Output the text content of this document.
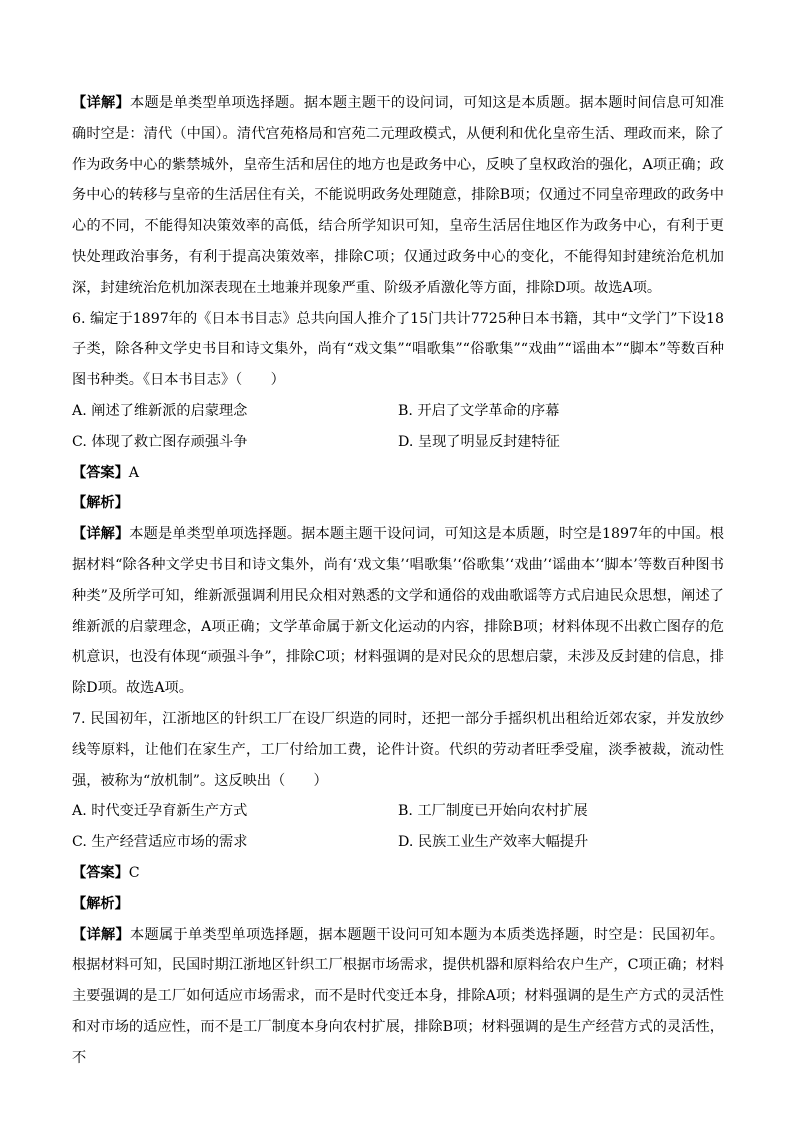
【详解】本题是单类型单项选择题。据本题主题干的设问词，可知这是本质题。据本题时间信息可知准确时空是：清代（中国）。清代宫苑格局和宫苑二元理政模式，从便利和优化皇帝生活、理政而来，除了作为政务中心的紫禁城外，皇帝生活和居住的地方也是政务中心，反映了皇权政治的强化，A项正确；政务中心的转移与皇帝的生活居住有关，不能说明政务处理随意，排除B项；仅通过不同皇帝理政的政务中心的不同，不能得知决策效率的高低，结合所学知识可知，皇帝生活居住地区作为政务中心，有利于更快处理政治事务，有利于提高决策效率，排除C项；仅通过政务中心的变化，不能得知封建统治危机加深，封建统治危机加深表现在土地兼并现象严重、阶级矛盾激化等方面，排除D项。故选A项。

6. 编定于1897年的《日本书目志》总共向国人推介了15门共计7725种日本书籍，其中“文学门”下设18子类，除各种文学史书目和诗文集外，尚有“戏文集”“唱歌集”“俗歌集”“戏曲”“谣曲本”“脚本”等数百种图书种类。《日本书目志》（　　）

A. 阐述了维新派的启蒙理念	B. 开启了文学革命的序幕
C. 体现了救亡图存顽强斗争	D. 呈现了明显反封建特征

【答案】A

【解析】

【详解】本题是单类型单项选择题。据本题主题干设问词，可知这是本质题，时空是1897年的中国。根据材料“除各种文学史书目和诗文集外，尚有‘戏文集’‘唱歌集’‘俗歌集’‘戏曲’‘谣曲本’‘脚本’等数百种图书种类”及所学可知，维新派强调利用民众相对熟悉的文学和通俗的戏曲歌谣等方式启迪民众思想，阐述了维新派的启蒙理念，A项正确；文学革命属于新文化运动的内容，排除B项；材料体现不出救亡图存的危机意识，也没有体现“顽强斗争”，排除C项；材料强调的是对民众的思想启蒙，未涉及反封建的信息，排除D项。故选A项。

7. 民国初年，江浙地区的针织工厂在设厂织造的同时，还把一部分手摇织机出租给近郊农家，并发放纱线等原料，让他们在家生产，工厂付给加工费，论件计资。代织的劳动者旺季受雇，淡季被裁，流动性强，被称为“放机制”。这反映出（　　）

A. 时代变迁孕育新生产方式	B. 工厂制度已开始向农村扩展
C. 生产经营适应市场的需求	D. 民族工业生产效率大幅提升

【答案】C

【解析】

【详解】本题属于单类型单项选择题，据本题题干设问可知本题为本质类选择题，时空是：民国初年。根据材料可知，民国时期江浙地区针织工厂根据市场需求，提供机器和原料给农户生产，C项正确；材料主要强调的是工厂如何适应市场需求，而不是时代变迁本身，排除A项；材料强调的是生产方式的灵活性和对市场的适应性，而不是工厂制度本身向农村扩展，排除B项；材料强调的是生产经营方式的灵活性，不
